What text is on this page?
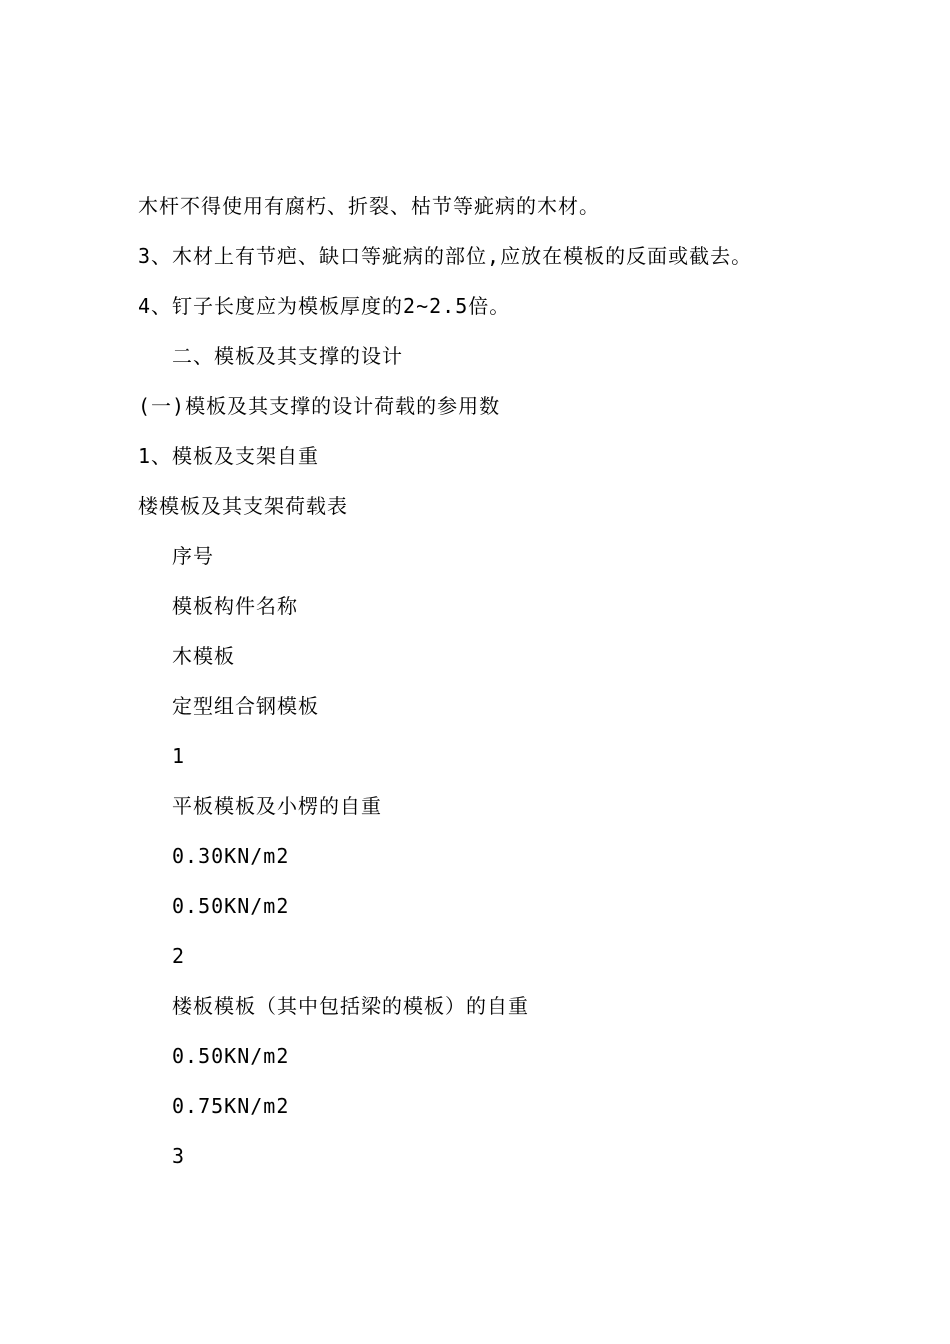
木杆不得使用有腐朽、折裂、枯节等疵病的木材。
3、木材上有节疤、缺口等疵病的部位,应放在模板的反面或截去。
4、钉子长度应为模板厚度的2~2.5倍。
二、模板及其支撑的设计
(一)模板及其支撑的设计荷载的参用数
1、模板及支架自重
楼模板及其支架荷载表
序号
模板构件名称
木模板
定型组合钢模板
1
平板模板及小楞的自重
0.30KN/m2
0.50KN/m2
2
楼板模板（其中包括梁的模板）的自重
0.50KN/m2
0.75KN/m2
3
